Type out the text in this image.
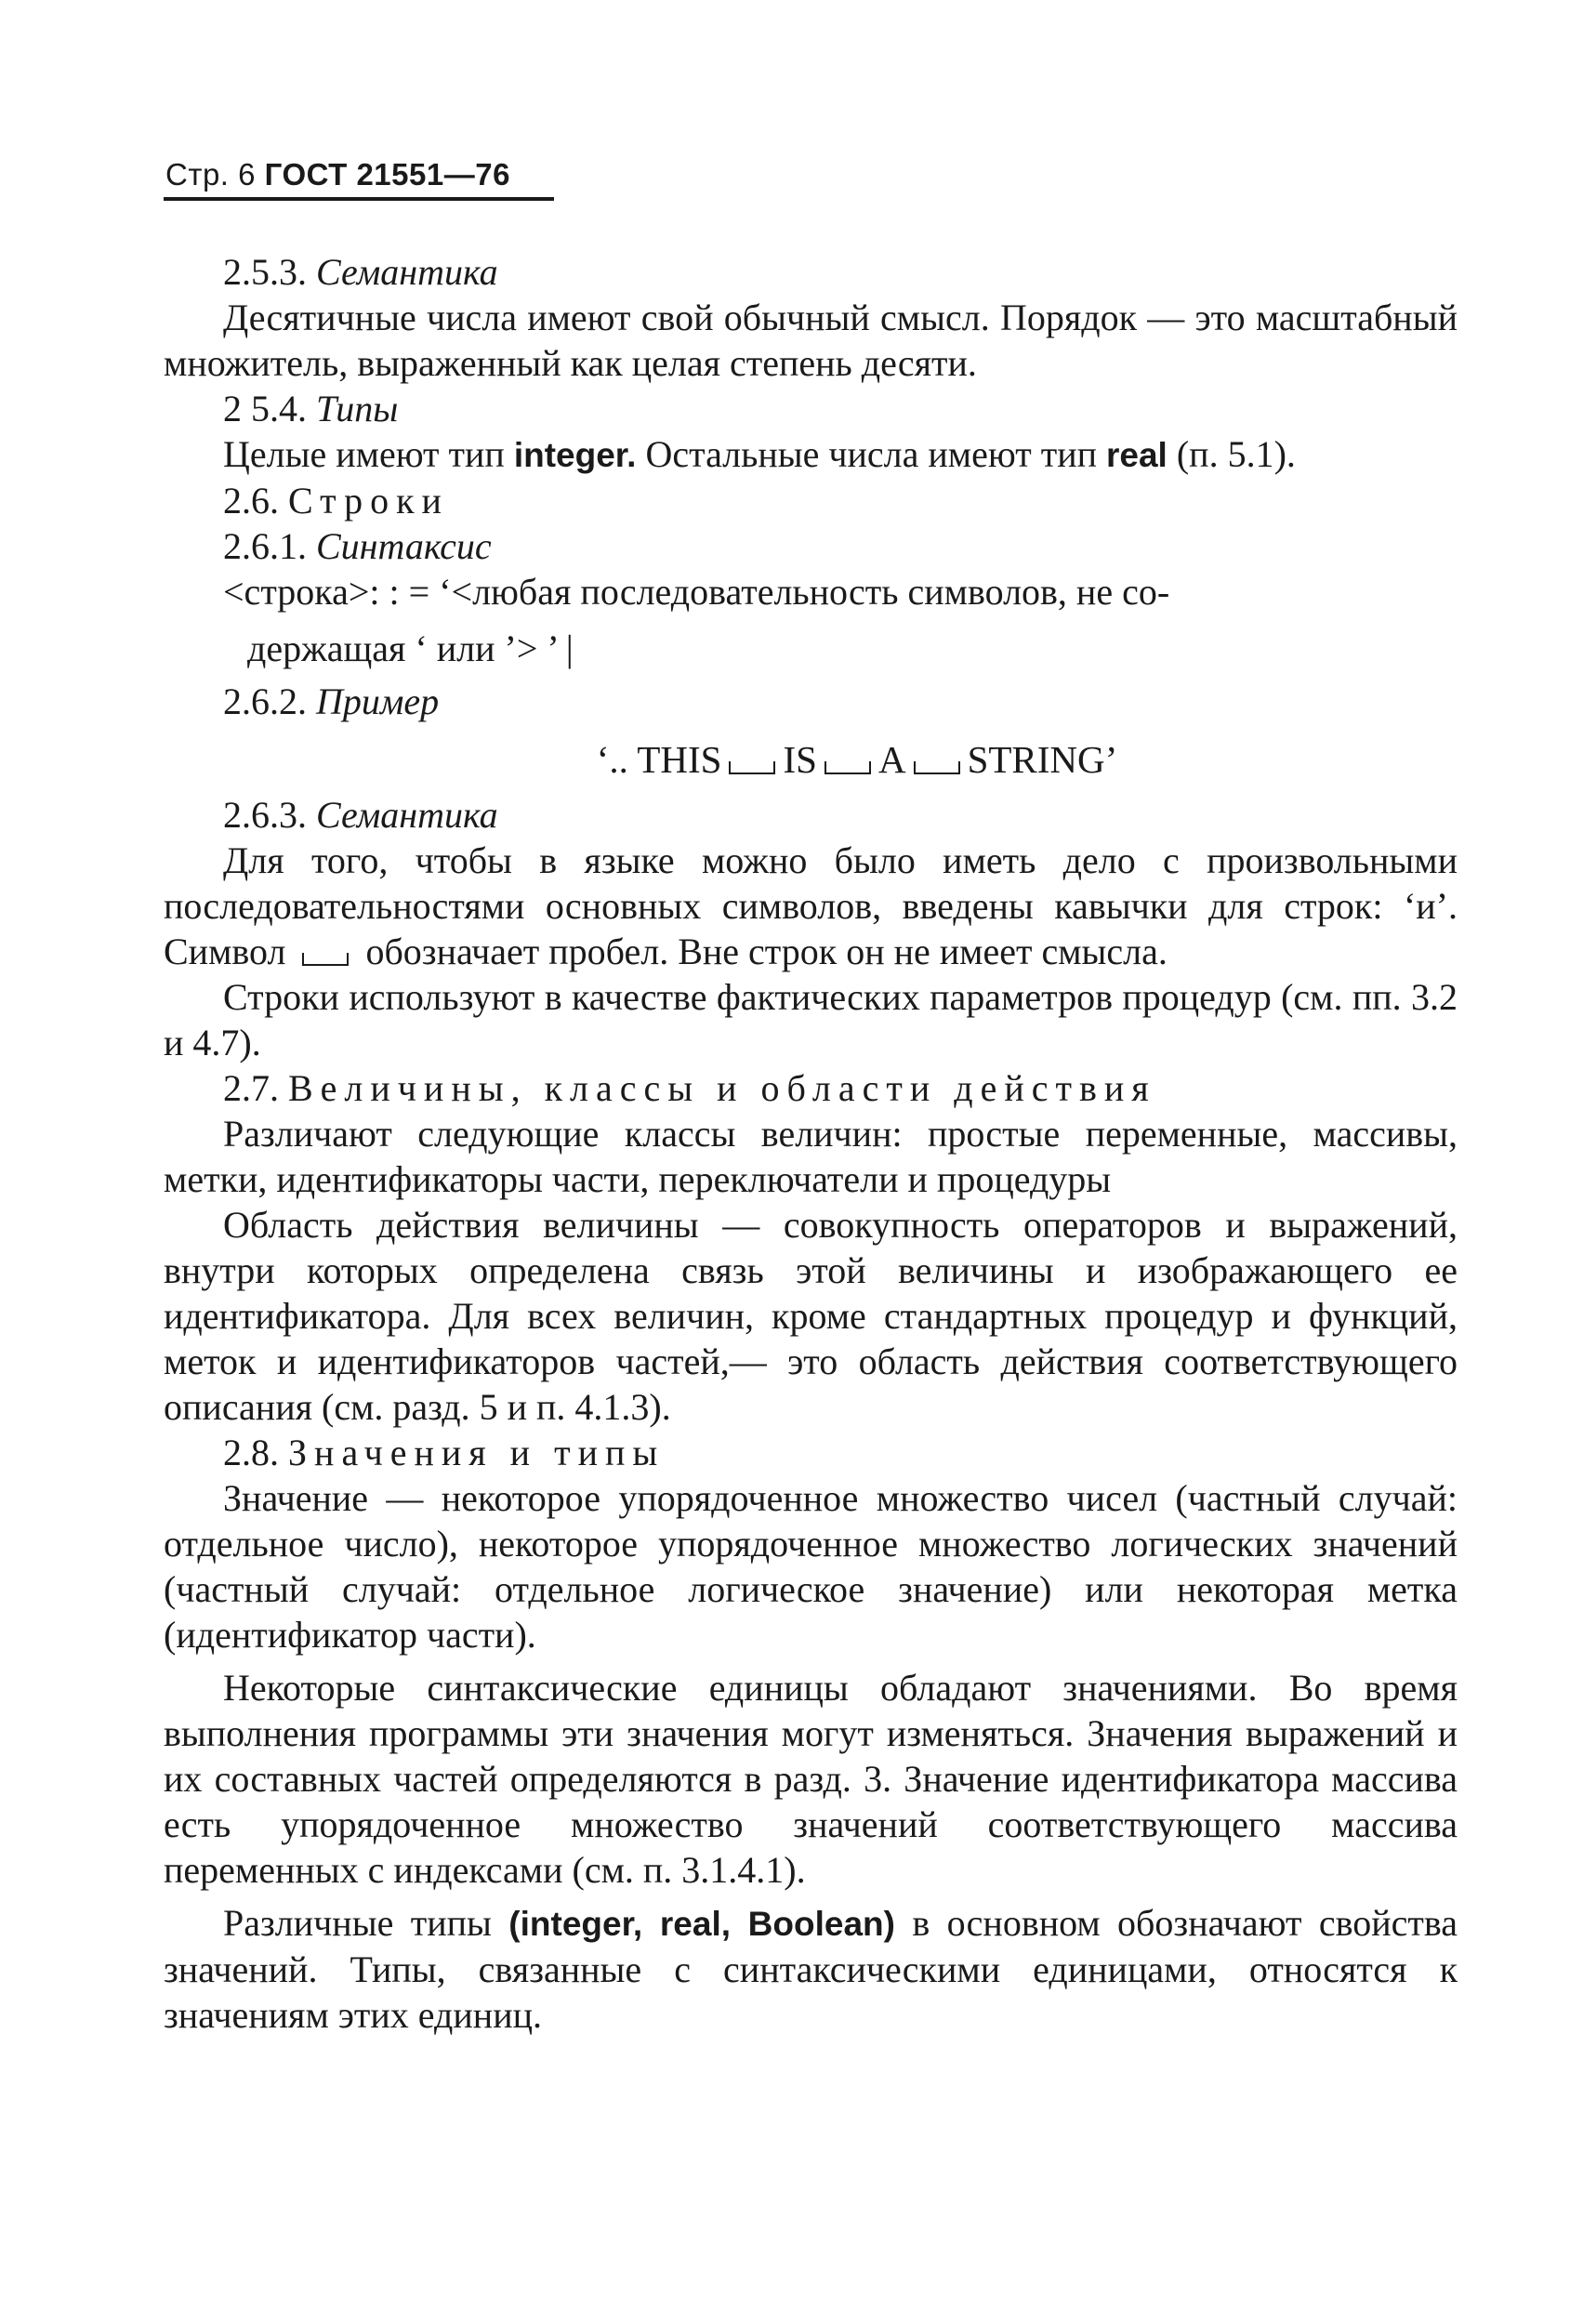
Стр. 6 ГОСТ 21551—76

2.5.3. Семантика

Десятичные числа имеют свой обычный смысл. Порядок — это масштабный множитель, выраженный как целая степень десяти.

2 5.4. Типы

Целые имеют тип integer. Остальные числа имеют тип real (п. 5.1).

2.6. Строки

2.6.1. Синтаксис

<строка>: : = ‘<любая последовательность символов, не со-

держащая ‘ или ’> ’ |

2.6.2. Пример

‘.. THIS IS A STRING’

2.6.3. Семантика

Для того, чтобы в языке можно было иметь дело с произвольными последовательностями основных символов, введены кавычки для строк: ‘и’. Символ обозначает пробел. Вне строк он не имеет смысла.

Строки используют в качестве фактических параметров процедур (см. пп. 3.2 и 4.7).

2.7. Величины, классы и области действия

Различают следующие классы величин: простые переменные, массивы, метки, идентификаторы части, переключатели и процедуры

Область действия величины — совокупность операторов и выражений, внутри которых определена связь этой величины и изображающего ее идентификатора. Для всех величин, кроме стандартных процедур и функций, меток и идентификаторов частей,— это область действия соответствующего описания (см. разд. 5 и п. 4.1.3).

2.8. Значения и типы

Значение — некоторое упорядоченное множество чисел (частный случай: отдельное число), некоторое упорядоченное множество логических значений (частный случай: отдельное логическое значение) или некоторая метка (идентификатор части).

Некоторые синтаксические единицы обладают значениями. Во время выполнения программы эти значения могут изменяться. Значения выражений и их составных частей определяются в разд. 3. Значение идентификатора массива есть упорядоченное множество значений соответствующего массива переменных с индексами (см. п. 3.1.4.1).

Различные типы (integer, real, Boolean) в основном обозначают свойства значений. Типы, связанные с синтаксическими единицами, относятся к значениям этих единиц.
